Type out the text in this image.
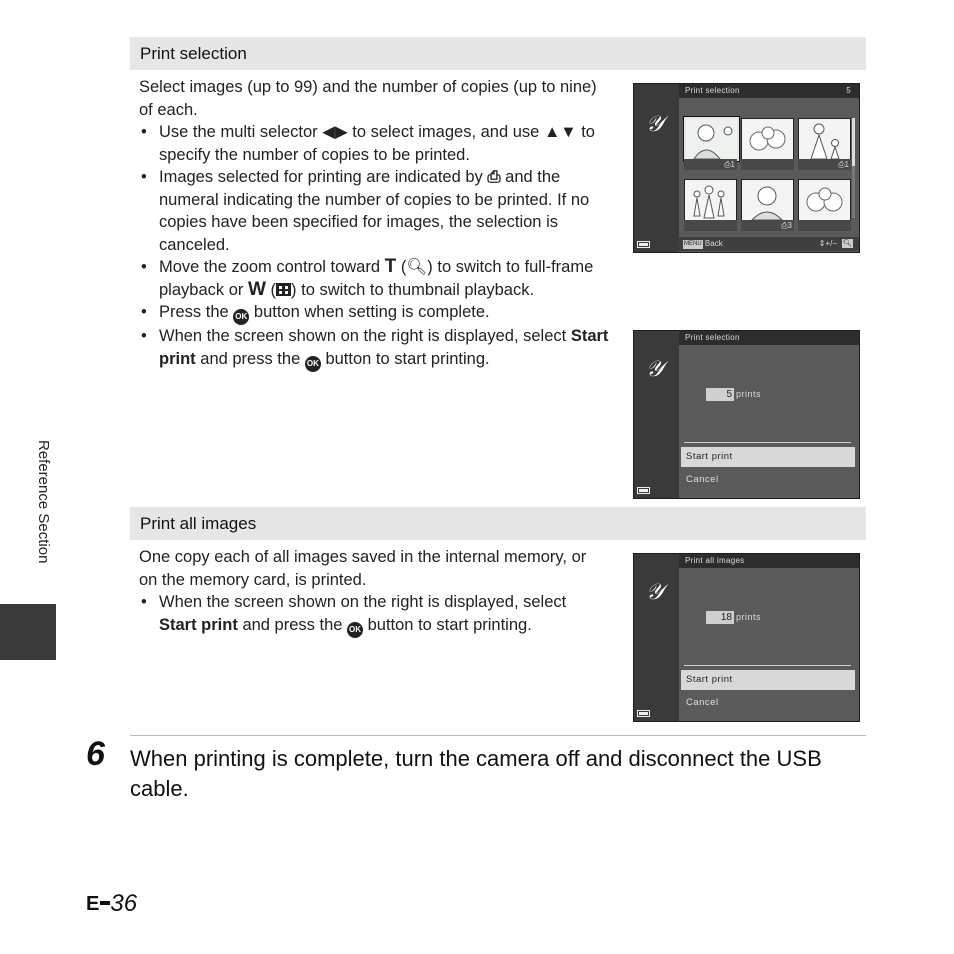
Print selection
Select images (up to 99) and the number of copies (up to nine) of each.
• Use the multi selector ◀▶ to select images, and use ▲▼ to specify the number of copies to be printed.
• Images selected for printing are indicated by ⎙ and the numeral indicating the number of copies to be printed. If no copies have been specified for images, the selection is canceled.
• Move the zoom control toward T (🔍︎) to switch to full-frame playback or W ( ) to switch to thumbnail playback.
• Press the OK button when setting is complete.
• When the screen shown on the right is displayed, select Start print and press the OK button to start printing.
𝒴
Print selection	5
⎙1	⎙1
⎙3
MENU Back	⇕+/− 🔍︎
𝒴
Print selection
5 prints
Start print
Cancel
Print all images
One copy each of all images saved in the internal memory, or on the memory card, is printed.
• When the screen shown on the right is displayed, select Start print and press the OK button to start printing.
𝒴
Print all images
18 prints
Start print
Cancel
6 When printing is complete, turn the camera off and disconnect the USB cable.
Reference Section
E 36
